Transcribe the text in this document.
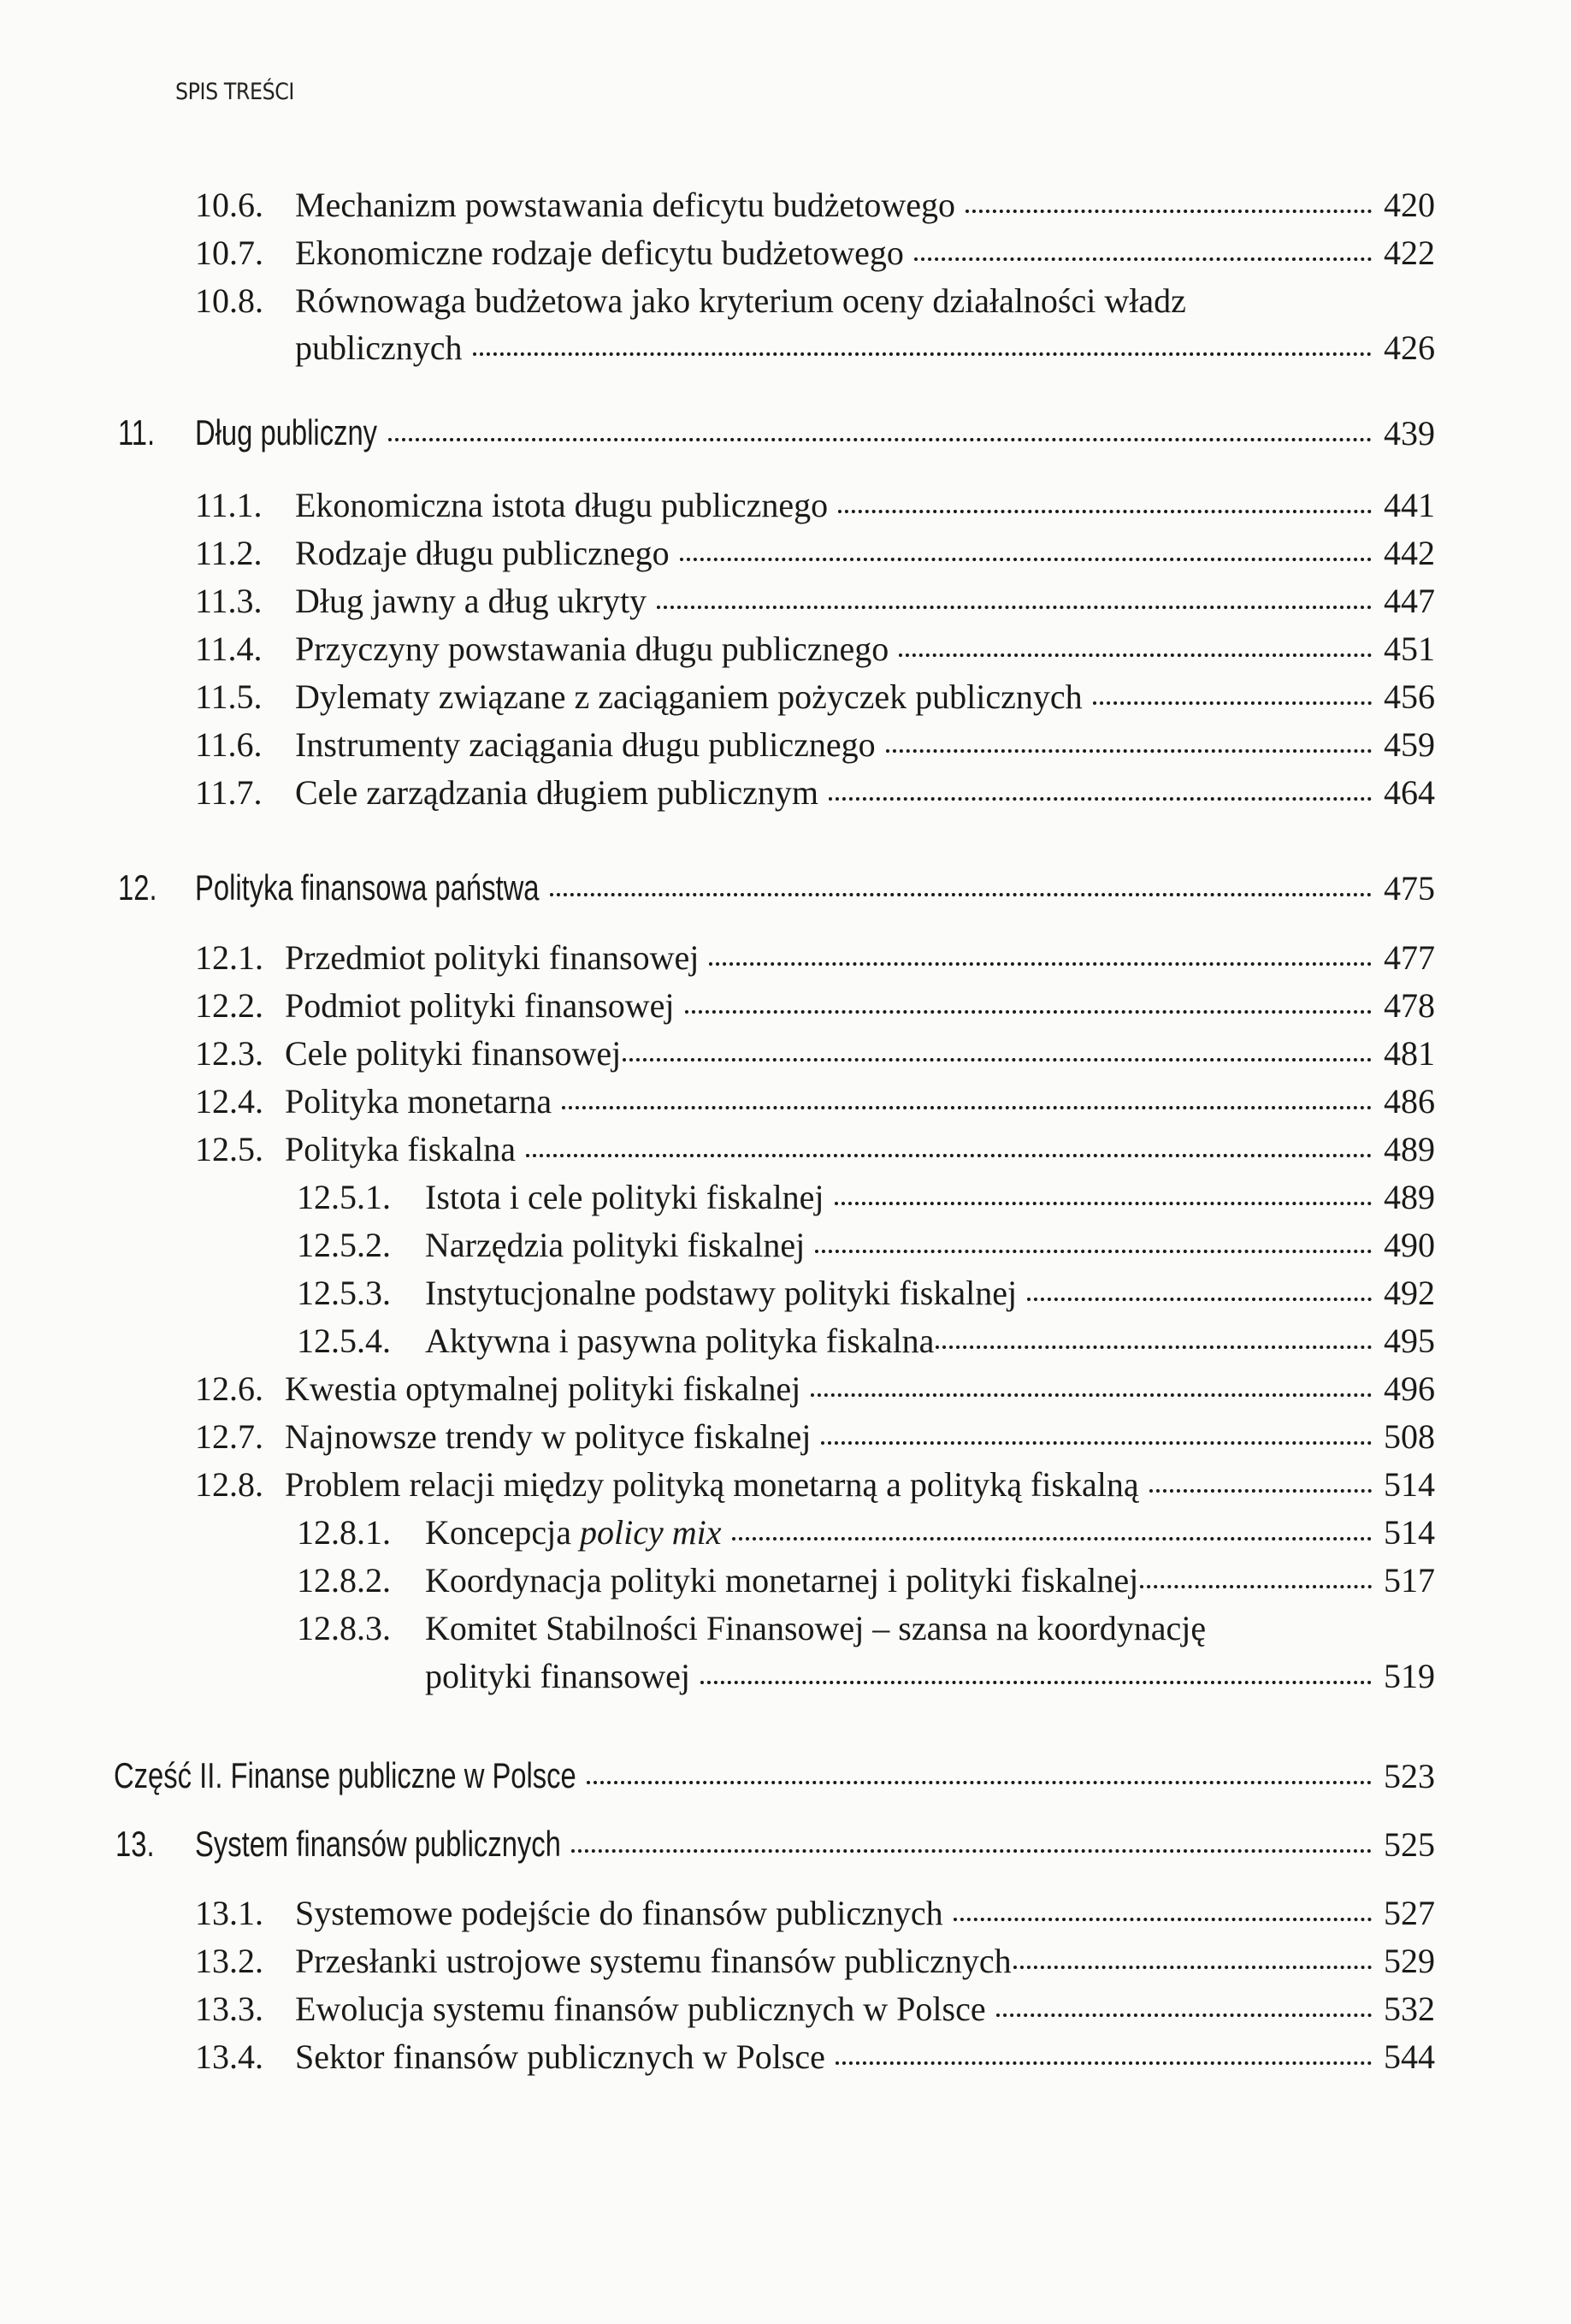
SPIS TREŚCI
10.6. Mechanizm powstawania deficytu budżetowego	420
10.7. Ekonomiczne rodzaje deficytu budżetowego	422
10.8. Równowaga budżetowa jako kryterium oceny działalności władz
publicznych	426
11.	Dług publiczny	439
11.1. Ekonomiczna istota długu publicznego	441
11.2. Rodzaje długu publicznego	442
11.3. Dług jawny a dług ukryty	447
11.4. Przyczyny powstawania długu publicznego	451
11.5. Dylematy związane z zaciąganiem pożyczek publicznych	456
11.6. Instrumenty zaciągania długu publicznego	459
11.7. Cele zarządzania długiem publicznym	464
12.	Polityka finansowa państwa	475
12.1. Przedmiot polityki finansowej	477
12.2. Podmiot polityki finansowej	478
12.3. Cele polityki finansowej	481
12.4. Polityka monetarna	486
12.5. Polityka fiskalna	489
12.5.1.	Istota i cele polityki fiskalnej	489
12.5.2.	Narzędzia polityki fiskalnej	490
12.5.3.	Instytucjonalne podstawy polityki fiskalnej	492
12.5.4.	Aktywna i pasywna polityka fiskalna	495
12.6. Kwestia optymalnej polityki fiskalnej	496
12.7. Najnowsze trendy w polityce fiskalnej	508
12.8. Problem relacji między polityką monetarną a polityką fiskalną	514
12.8.1.	Koncepcja policy mix	514
12.8.2.	Koordynacja polityki monetarnej i polityki fiskalnej	517
12.8.3.	Komitet Stabilności Finansowej – szansa na koordynację
polityki finansowej	519
Część II. Finanse publiczne w Polsce	523
13.	System finansów publicznych	525
13.1. Systemowe podejście do finansów publicznych	527
13.2. Przesłanki ustrojowe systemu finansów publicznych	529
13.3. Ewolucja systemu finansów publicznych w Polsce	532
13.4. Sektor finansów publicznych w Polsce	544
